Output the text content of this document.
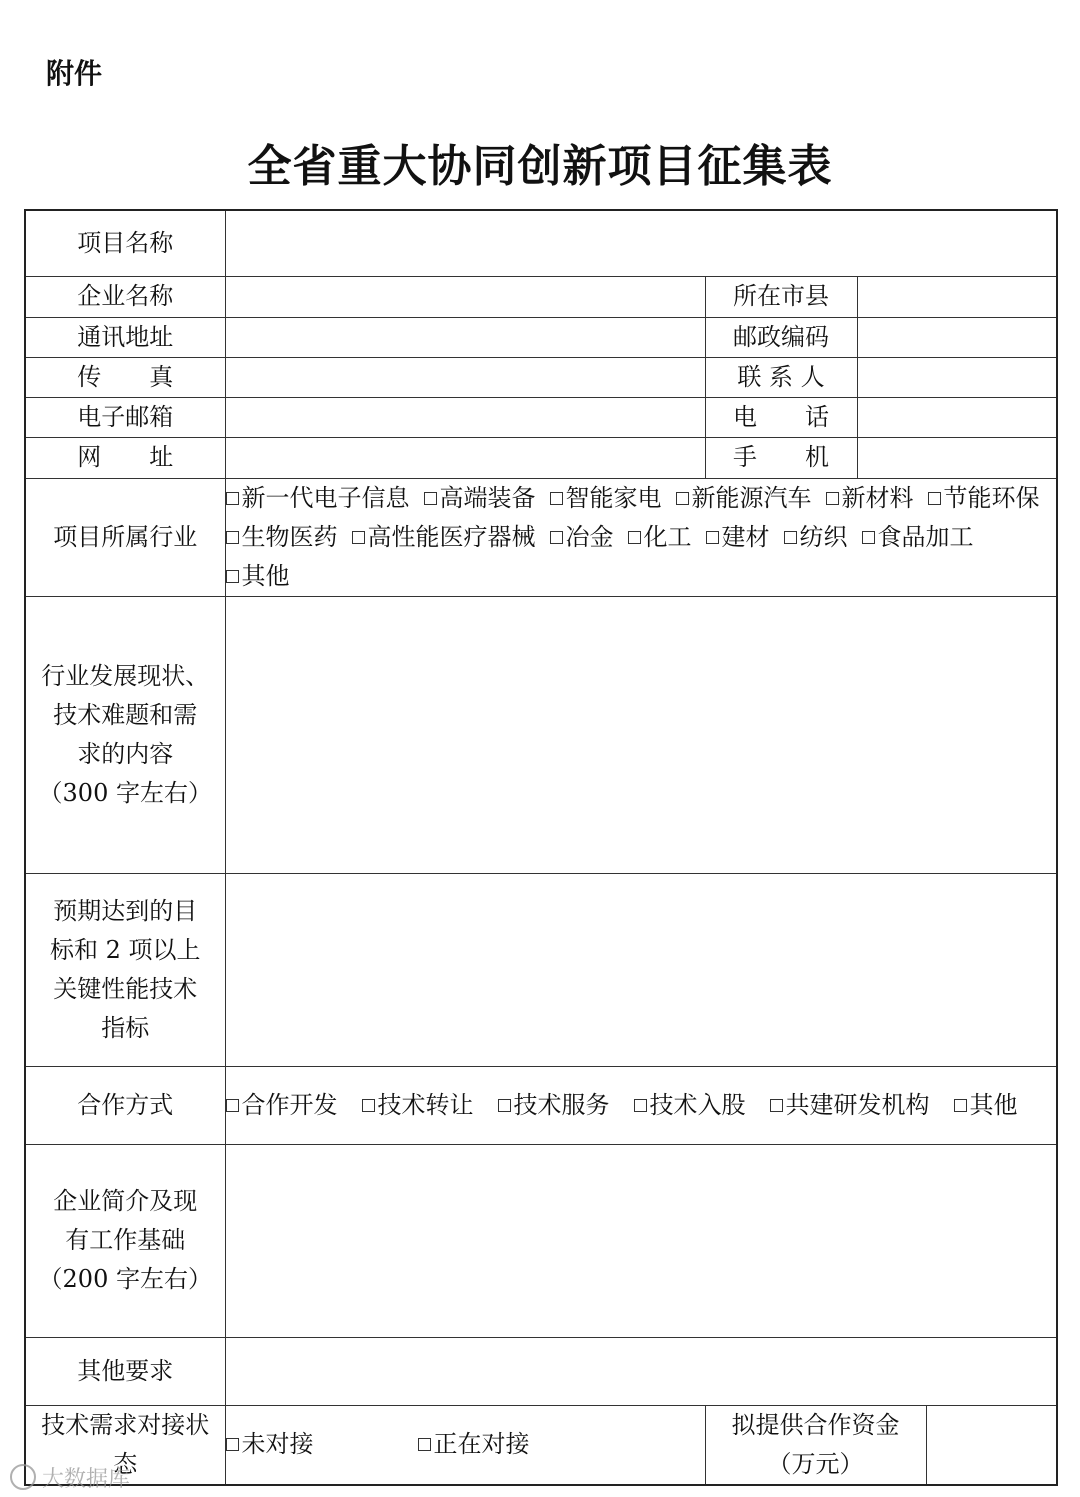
附件
全省重大协同创新项目征集表
项目名称			
企业名称		所在市县	
通讯地址		邮政编码	
传　　真		联 系 人	
电子邮箱		电　　话	
网　　址		手　　机	
项目所属行业	新一代电子信息 高端装备 智能家电 新能源汽车 新材料 节能环保生物医药 高性能医疗器械 冶金 化工 建材 纺织 食品加工其他		

行业发展现状、
技术难题和需
求的内容
（300 字左右）			

预期达到的目
标和 2 项以上
关键性能技术
指标			

合作方式	合作开发 技术转让 技术服务 技术入股 共建研发机构 其他		

企业简介及现
有工作基础
（200 字左右）			

其他要求			
技术需求对接状态	未对接 正在对接	拟提供合作资金
（万元）	
大数据库
